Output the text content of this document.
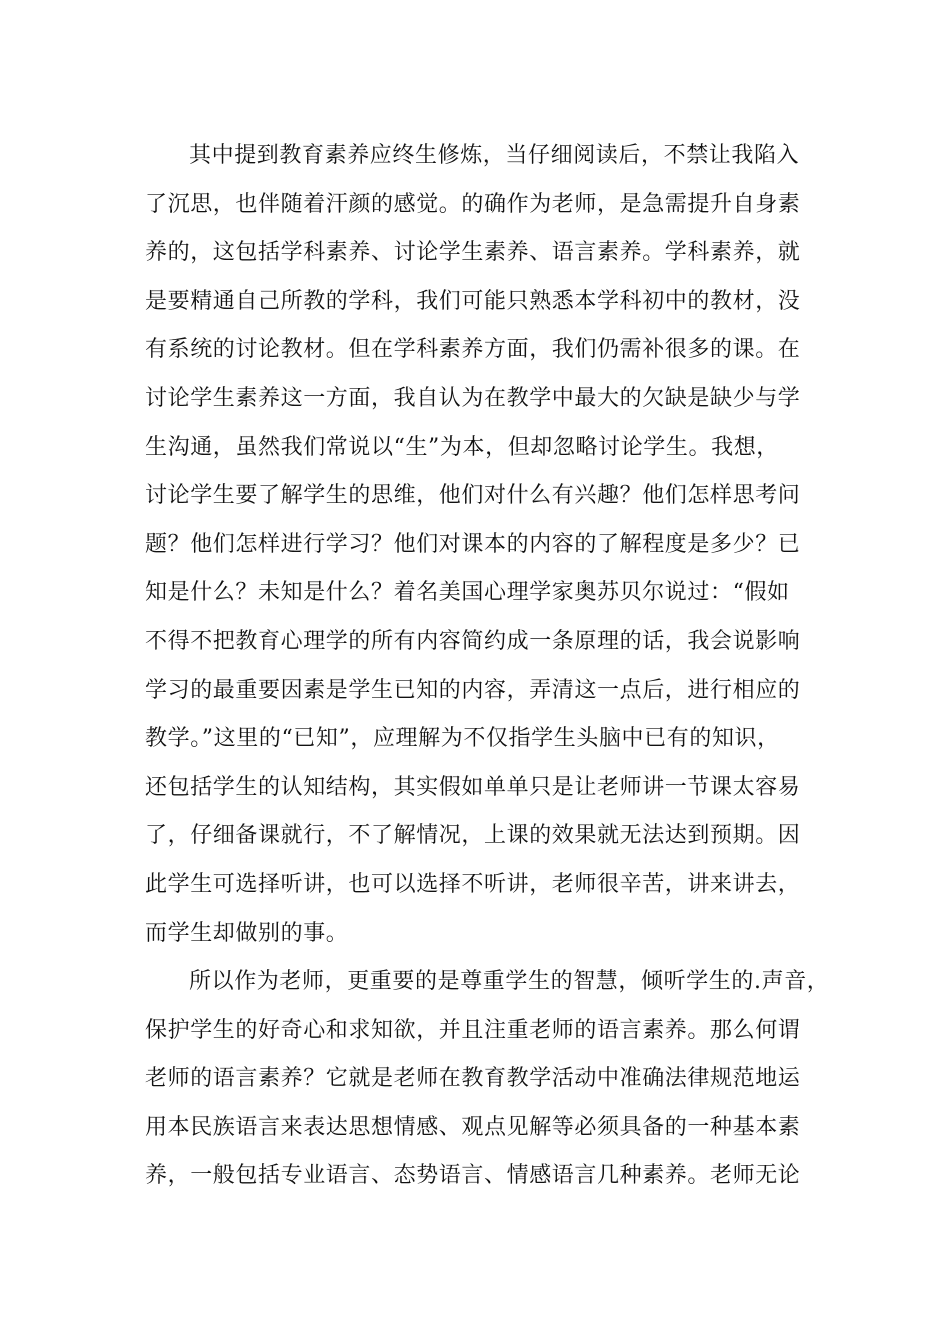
其中提到教育素养应终生修炼，当仔细阅读后，不禁让我陷入
了沉思，也伴随着汗颜的感觉。的确作为老师，是急需提升自身素
养的，这包括学科素养、讨论学生素养、语言素养。学科素养，就
是要精通自己所教的学科，我们可能只熟悉本学科初中的教材，没
有系统的讨论教材。但在学科素养方面，我们仍需补很多的课。在
讨论学生素养这一方面，我自认为在教学中最大的欠缺是缺少与学
生沟通，虽然我们常说以“生”为本，但却忽略讨论学生。我想，
讨论学生要了解学生的思维，他们对什么有兴趣？他们怎样思考问
题？他们怎样进行学习？他们对课本的内容的了解程度是多少？已
知是什么？未知是什么？着名美国心理学家奥苏贝尔说过：“假如
不得不把教育心理学的所有内容简约成一条原理的话，我会说影响
学习的最重要因素是学生已知的内容，弄清这一点后，进行相应的
教学。”这里的“已知”，应理解为不仅指学生头脑中已有的知识，
还包括学生的认知结构，其实假如单单只是让老师讲一节课太容易
了，仔细备课就行，不了解情况，上课的效果就无法达到预期。因
此学生可选择听讲，也可以选择不听讲，老师很辛苦，讲来讲去，
而学生却做别的事。
所以作为老师，更重要的是尊重学生的智慧，倾听学生的.声音，
保护学生的好奇心和求知欲，并且注重老师的语言素养。那么何谓
老师的语言素养？它就是老师在教育教学活动中准确法律规范地运
用本民族语言来表达思想情感、观点见解等必须具备的一种基本素
养，一般包括专业语言、态势语言、情感语言几种素养。老师无论
